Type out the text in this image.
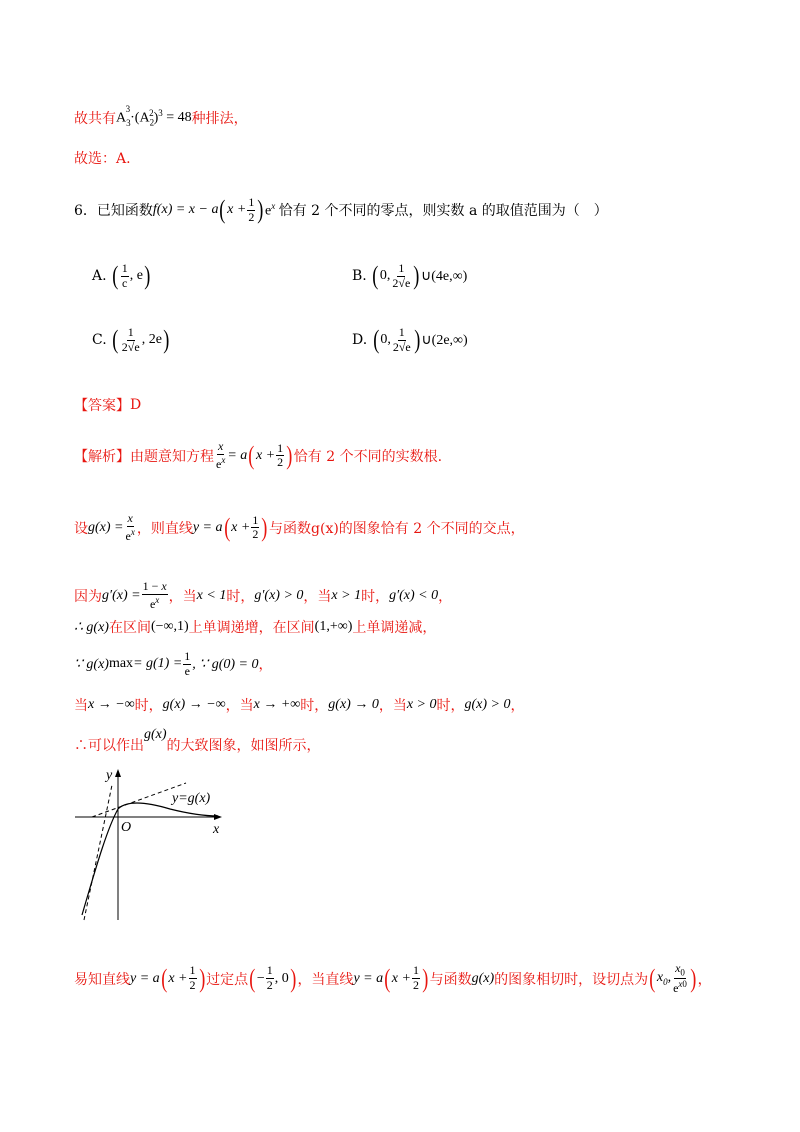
故共有 $A_3^3\cdot(A_2^2)^3 = 48$ 种排法，
故选：A.
6．已知函数 f(x) = x − a ( $x + \frac{1}{2}$ ) $e^x$ 恰有 2 个不同的零点，则实数 a 的取值范围为（　）
A.
( $\frac{1}{c}$ , e )	B.
( 0, $\frac{1}{2√e}$ ) ∪(4e,∞)
C.
( $\frac{1}{2√e}$ , 2e )	D.
( 0, $\frac{1}{2√e}$ ) ∪(2e,∞)
【答案】 D
【解析】由题意知方程 $\frac{x}{e^x} = a$ ( $x + \frac{1}{2}$ ) 恰有 2 个不同的实数根.
设 $g(x) = \frac{x}{e^x}$ ，则直线 y = a ( $x + \frac{1}{2}$ ) 与函数g(x)的图象恰有 2 个不同的交点，
因为 $g'(x) = \frac{1 - x}{e^x}$ ，当 x < 1 时， g′(x) > 0 ，当 x > 1 时， g′(x) < 0 ，
∴ g(x) 在区间 (−∞,1) 上单调递增，在区间 (1,+∞) 上单调递减，
∵ g(x) $\max = g(1) = \frac{1}{e}$ , ∵ g(0) = 0 ，
当 x → −∞ 时， g(x) → −∞ ，当 x → +∞ 时， g(x) → 0 ，当 x > 0 时， g(x) > 0 ，
∴可以作出
g(x)
的大致图象，如图所示，
y
x
O
y=g(x)
易知直线 y = a ( $x + \frac{1}{2}$ ) 过定点 ( − $\frac{1}{2}$ , 0 ) ，当直线 y = a ( $x + \frac{1}{2}$ ) 与函数 g(x) 的图象相切时，设切点为 ( $x_0$, $\frac{x_0}{e^{x0}}$ ) ，
